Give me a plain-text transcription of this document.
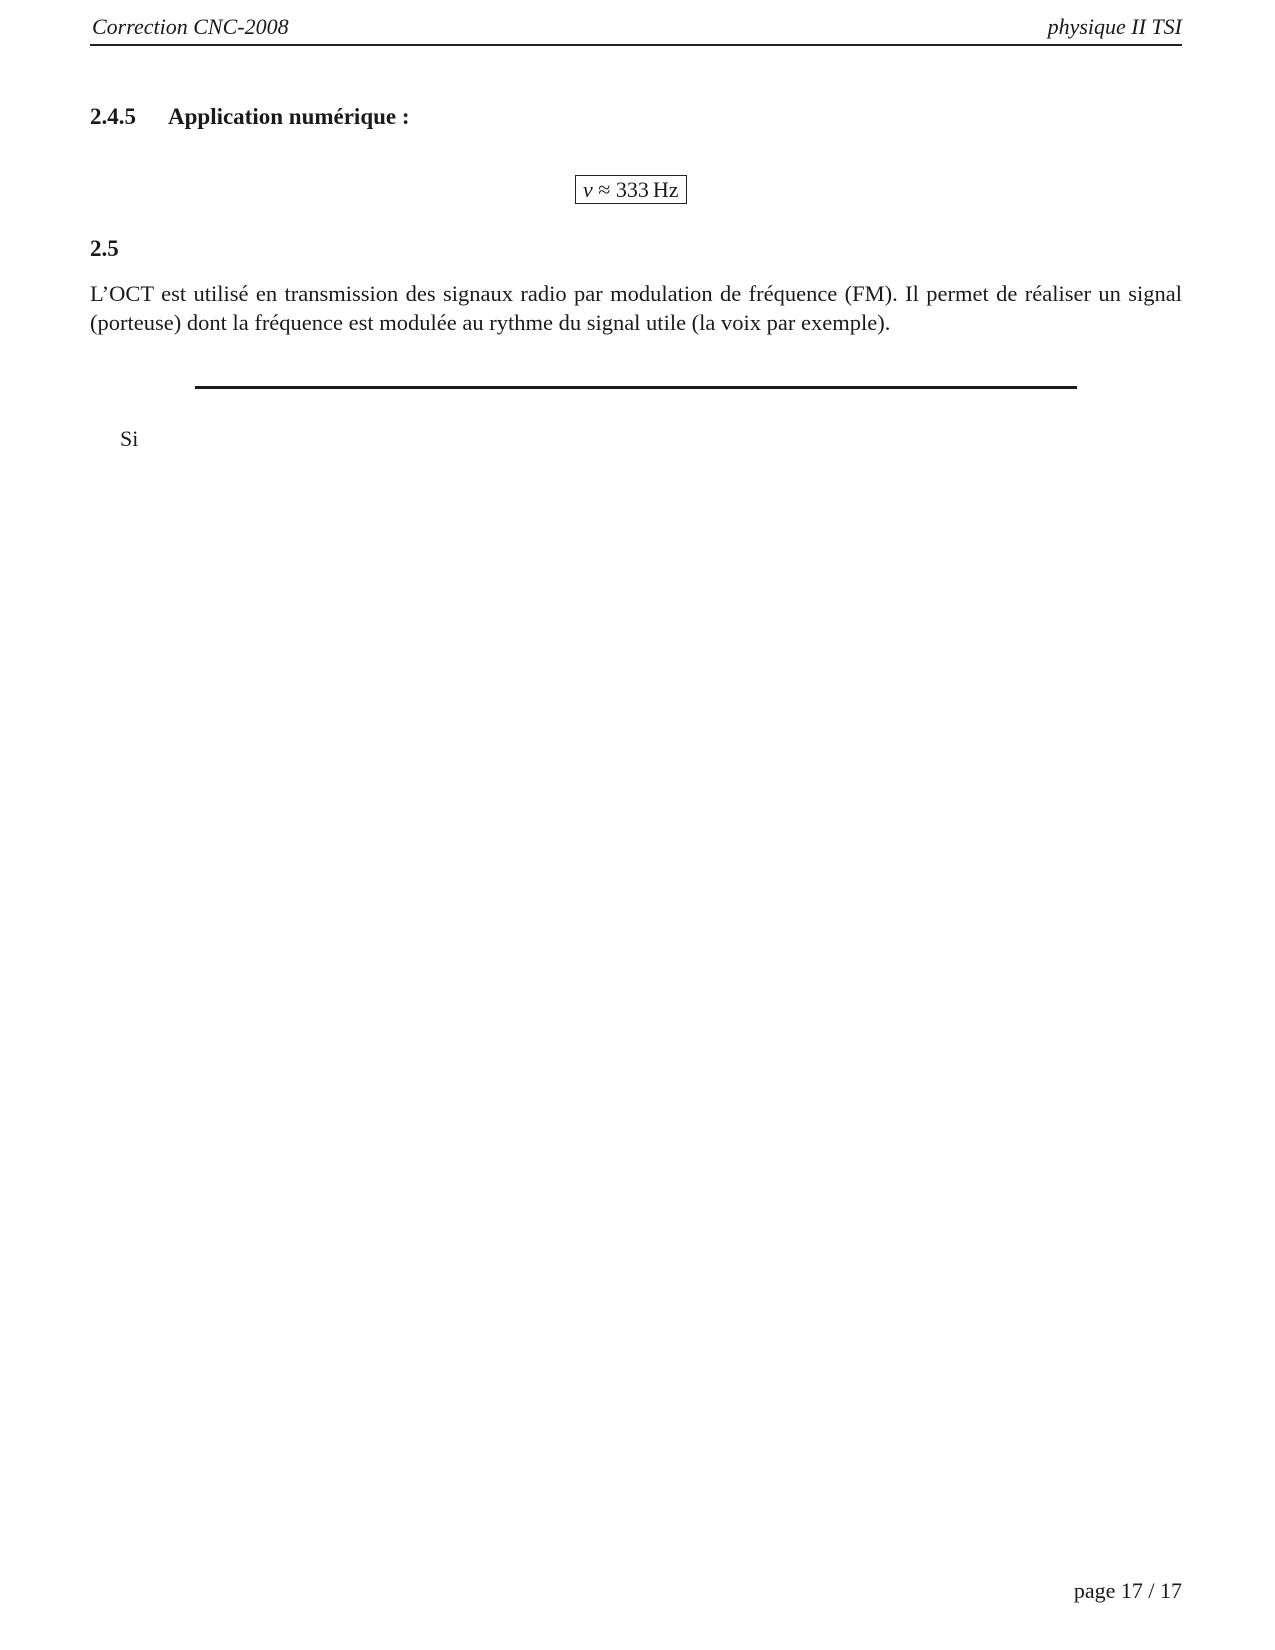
Correction CNC-2008	physique II TSI
2.4.5 Application numérique :
ν ≈ 333 Hz
2.5

L’OCT est utilisé en transmission des signaux radio par modulation de fréquence (FM). Il permet de réaliser un signal (porteuse) dont la fréquence est modulée au rythme du signal utile (la voix par exemple).

Si
page 17 / 17
